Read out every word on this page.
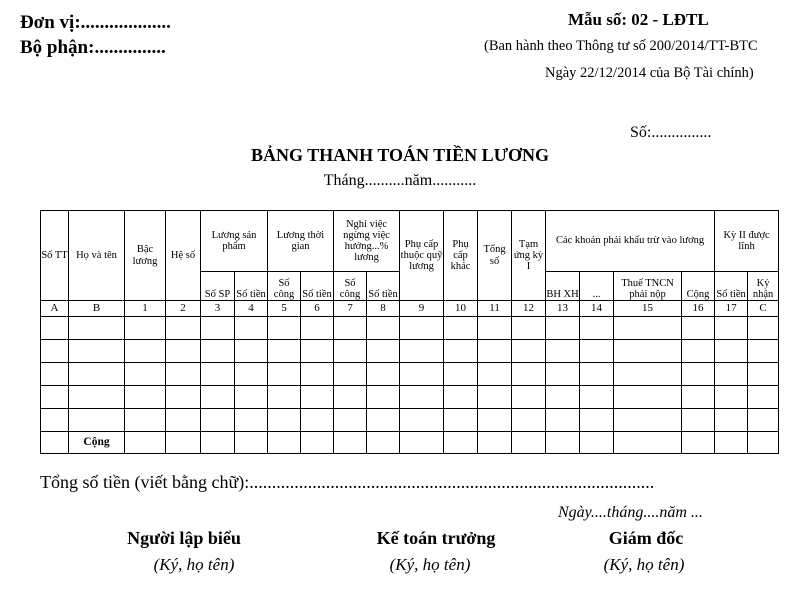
Đơn vị:...................
Bộ phận:...............
Mẫu số: 02 - LĐTL
(Ban hành theo Thông tư số 200/2014/TT-BTC
Ngày 22/12/2014 của Bộ Tài chính)
Số:...............
BẢNG THANH TOÁN TIỀN LƯƠNG
Tháng..........năm...........
Số TT	Họ và tên	Bậc lương	Hệ số	Lương sản phẩm		Lương thời gian		Nghỉ việc ngừng việc hưởng...% lương		Phụ cấp thuộc quỹ lương	Phụ cấp khác	Tổng số	Tạm ứng kỳ I	Các khoản phải khấu trừ vào lương				Kỳ II được lĩnh	
				Số SP	Số tiền	Số công	Số tiền	Số công	Số tiền					BH XH	...	Thuế TNCN phải nộp	Cộng	Số tiền	Ký nhận
A	B	1	2	3	4	5	6	7	8	9	10	11	12	13	14	15	16	17	C

	Cộng																		
Tổng số tiền (viết bằng chữ):..........................................................................................
Ngày....tháng....năm ...
Người lập biểu
(Ký, họ tên)
Kế toán trưởng
(Ký, họ tên)
Giám đốc
(Ký, họ tên)
